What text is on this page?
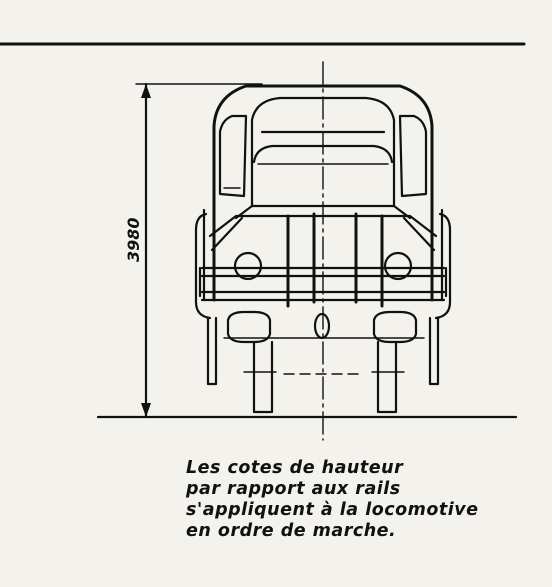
3980
Les cotes de hauteur
par rapport aux rails
s'appliquent à la locomotive
en ordre de marche.
